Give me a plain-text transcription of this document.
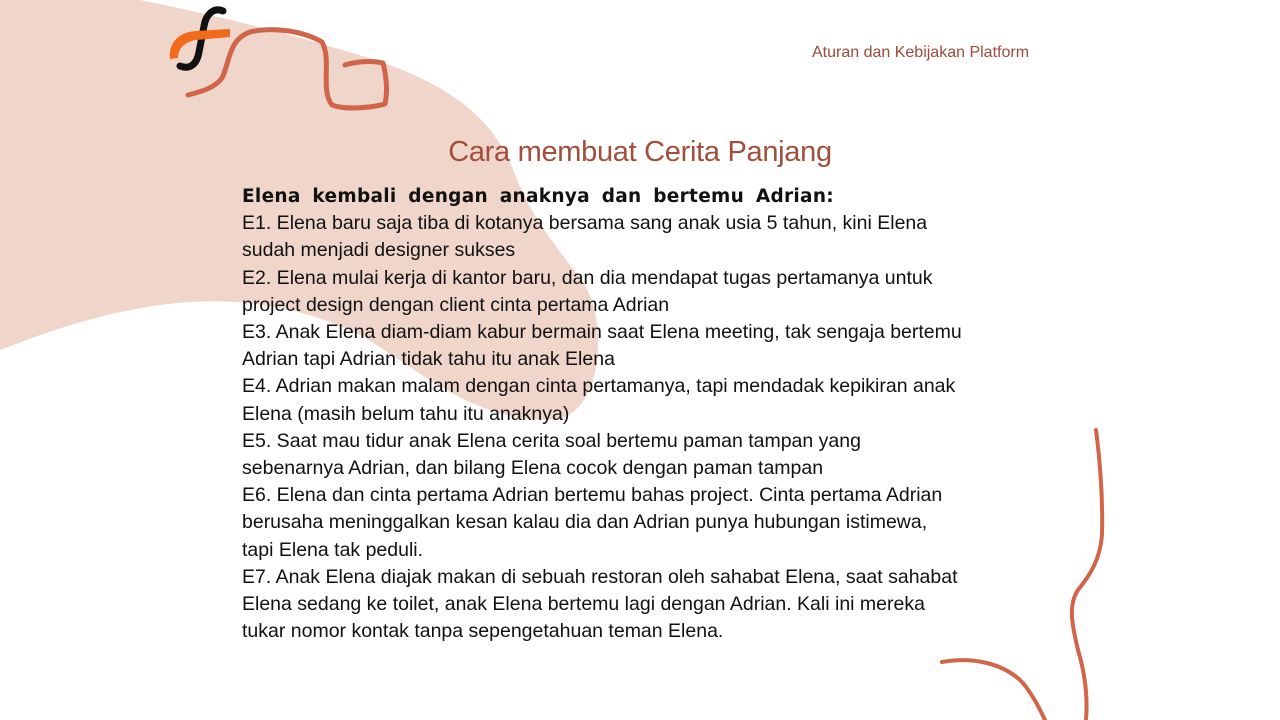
Aturan dan Kebijakan Platform
Cara membuat Cerita Panjang
Elena kembali dengan anaknya dan bertemu Adrian:

E1. Elena baru saja tiba di kotanya bersama sang anak usia 5 tahun, kini Elena sudah menjadi designer sukses

E2. Elena mulai kerja di kantor baru, dan dia mendapat tugas pertamanya untuk project design dengan client cinta pertama Adrian

E3. Anak Elena diam-diam kabur bermain saat Elena meeting, tak sengaja bertemu Adrian tapi Adrian tidak tahu itu anak Elena

E4. Adrian makan malam dengan cinta pertamanya, tapi mendadak kepikiran anak Elena (masih belum tahu itu anaknya)

E5. Saat mau tidur anak Elena cerita soal bertemu paman tampan yang sebenarnya Adrian, dan bilang Elena cocok dengan paman tampan

E6. Elena dan cinta pertama Adrian bertemu bahas project. Cinta pertama Adrian berusaha meninggalkan kesan kalau dia dan Adrian punya hubungan istimewa, tapi Elena tak peduli.

E7. Anak Elena diajak makan di sebuah restoran oleh sahabat Elena, saat sahabat Elena sedang ke toilet, anak Elena bertemu lagi dengan Adrian. Kali ini mereka tukar nomor kontak tanpa sepengetahuan teman Elena.
